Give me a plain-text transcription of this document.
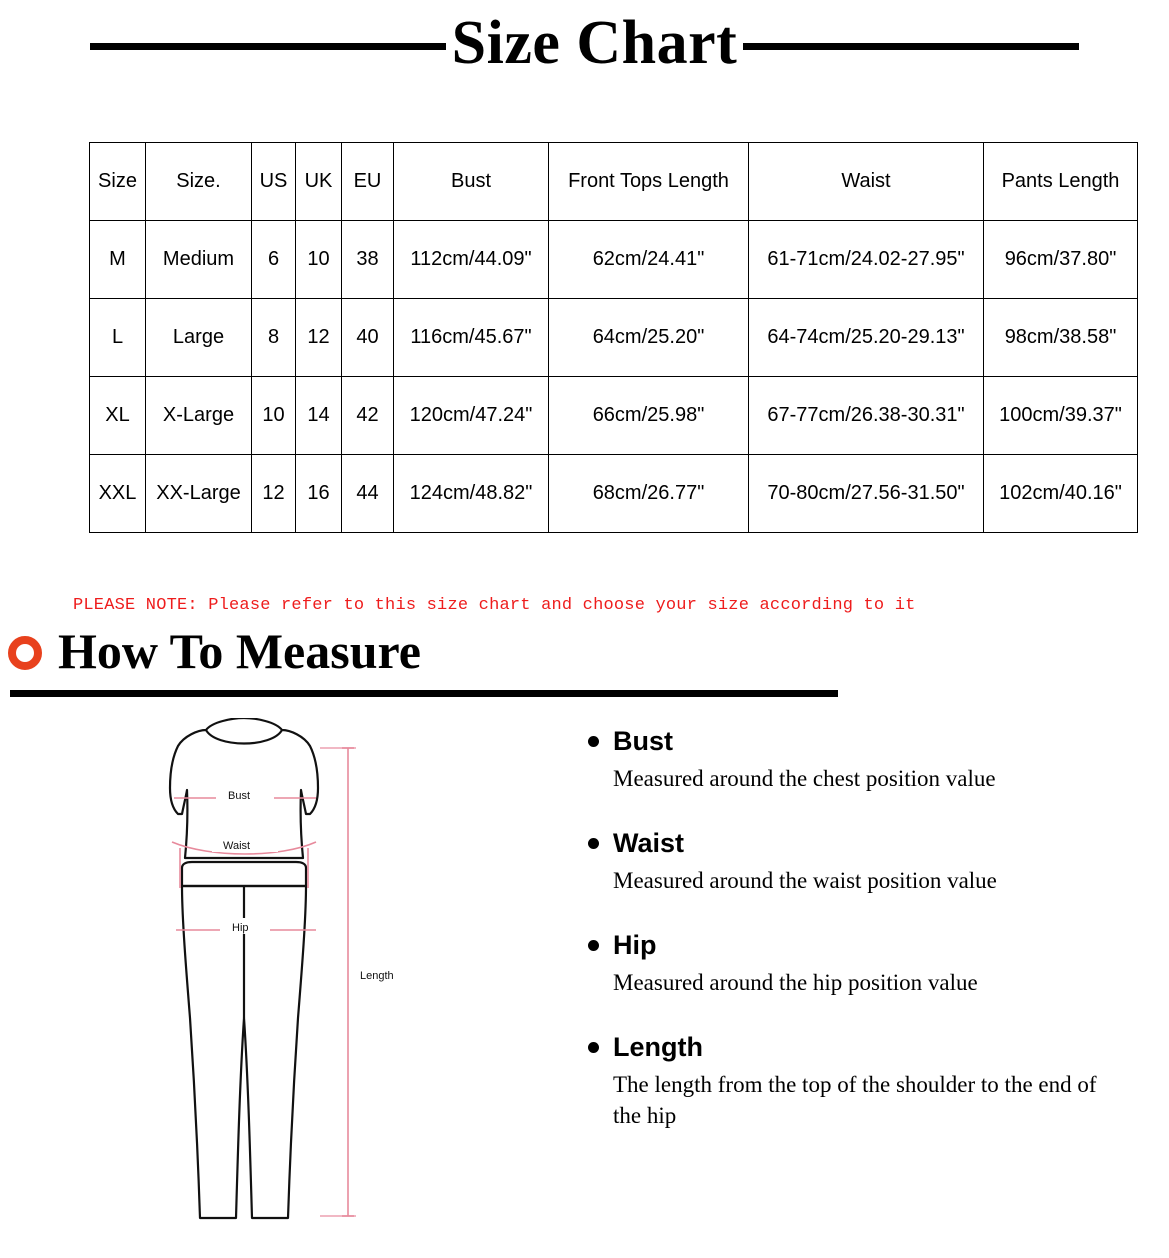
Size Chart
Size	Size.	US	UK	EU	Bust	Front Tops Length	Waist	Pants Length
M	Medium	6	10	38	112cm/44.09"	62cm/24.41"	61-71cm/24.02-27.95"	96cm/37.80"
L	Large	8	12	40	116cm/45.67"	64cm/25.20"	64-74cm/25.20-29.13"	98cm/38.58"
XL	X-Large	10	14	42	120cm/47.24"	66cm/25.98"	67-77cm/26.38-30.31"	100cm/39.37"
XXL	XX-Large	12	16	44	124cm/48.82"	68cm/26.77"	70-80cm/27.56-31.50"	102cm/40.16"
PLEASE NOTE: Please refer to this size chart and choose your size according to it
How To Measure
Bust
Waist
Hip
Length
Bust
Measured around the chest position value
Waist
Measured around the waist position value
Hip
Measured around the hip position value
Length
The length from the top of the shoulder to the end of the hip
